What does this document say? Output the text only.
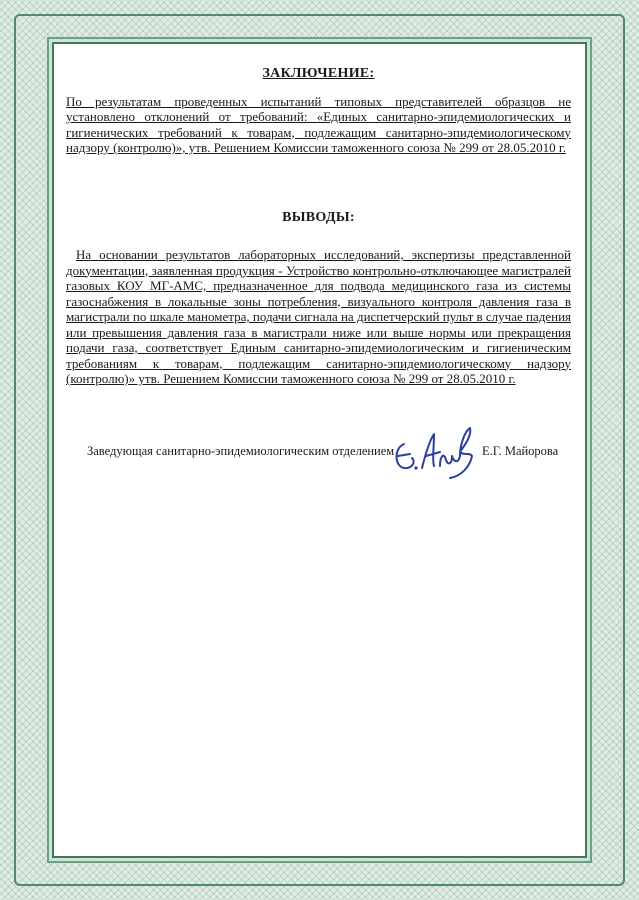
ЗАКЛЮЧЕНИЕ:

По результатам проведенных испытаний типовых представителей образцов не установлено отклонений от требований: «Единых санитарно-эпидемиологических и гигиенических требований к товарам, подлежащим санитарно-эпидемиологическому надзору (контролю)», утв. Решением Комиссии таможенного союза № 299 от 28.05.2010 г.

ВЫВОДЫ:

На основании результатов лабораторных исследований, экспертизы представленной документации, заявленная продукция - Устройство контрольно-отключающее магистралей газовых КОУ МГ-АМС, предназначенное для подвода медицинского газа из системы газоснабжения в локальные зоны потребления, визуального контроля давления газа в магистрали по шкале манометра, подачи сигнала на диспетчерский пульт в случае падения или превышения давления газа в магистрали ниже или выше нормы или прекращения подачи газа, соответствует Единым санитарно-эпидемиологическим и гигиеническим требованиям к товарам, подлежащим санитарно-эпидемиологическому надзору (контролю)» утв. Решением Комиссии таможенного союза № 299 от 28.05.2010 г.

Заведующая санитарно-эпидемиологическим отделением	Е.Г. Майорова
